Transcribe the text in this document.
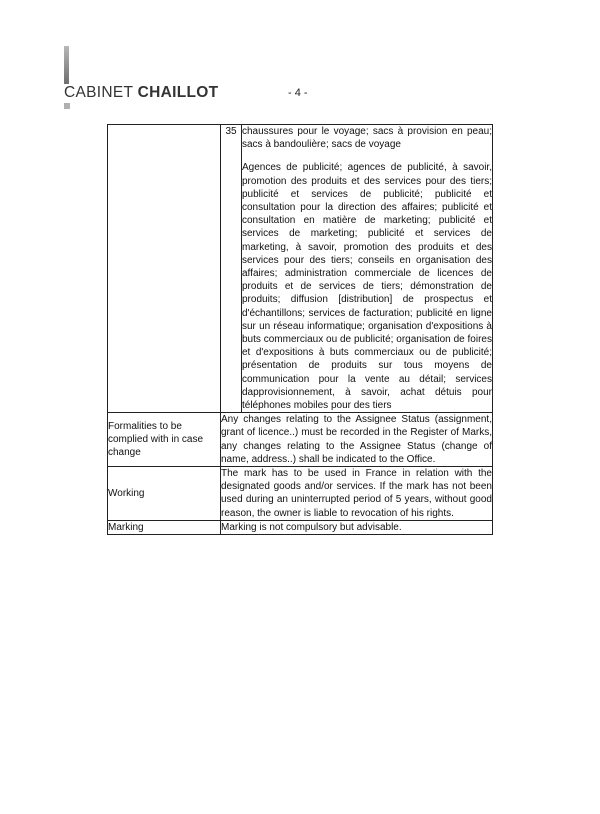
CABINET CHAILLOT	- 4 -
	35	chaussures pour le voyage; sacs à provision en peau; sacs à bandoulière; sacs de voyage

Agences de publicité; agences de publicité, à savoir, promotion des produits et des services pour des tiers; publicité et services de publicité; publicité et consultation pour la direction des affaires; publicité et consultation en matière de marketing; publicité et services de marketing; publicité et services de marketing, à savoir, promotion des produits et des services pour des tiers; conseils en organisation des affaires; administration commerciale de licences de produits et de services de tiers; démonstration de produits; diffusion [distribution] de prospectus et d'échantillons; services de facturation; publicité en ligne sur un réseau informatique; organisation d'expositions à buts commerciaux ou de publicité; organisation de foires et d'expositions à buts commerciaux ou de publicité; présentation de produits sur tous moyens de communication pour la vente au détail; services dapprovisionnement, à savoir, achat détuis pour téléphones mobiles pour des tiers

Formalities to be complied with in case change	Any changes relating to the Assignee Status (assignment, grant of licence..) must be recorded in the Register of Marks, any changes relating to the Assignee Status (change of name, address..) shall be indicated to the Office.	
Working	The mark has to be used in France in relation with the designated goods and/or services. If the mark has not been used during an uninterrupted period of 5 years, without good reason, the owner is liable to revocation of his rights.	
Marking	Marking is not compulsory but advisable.	
